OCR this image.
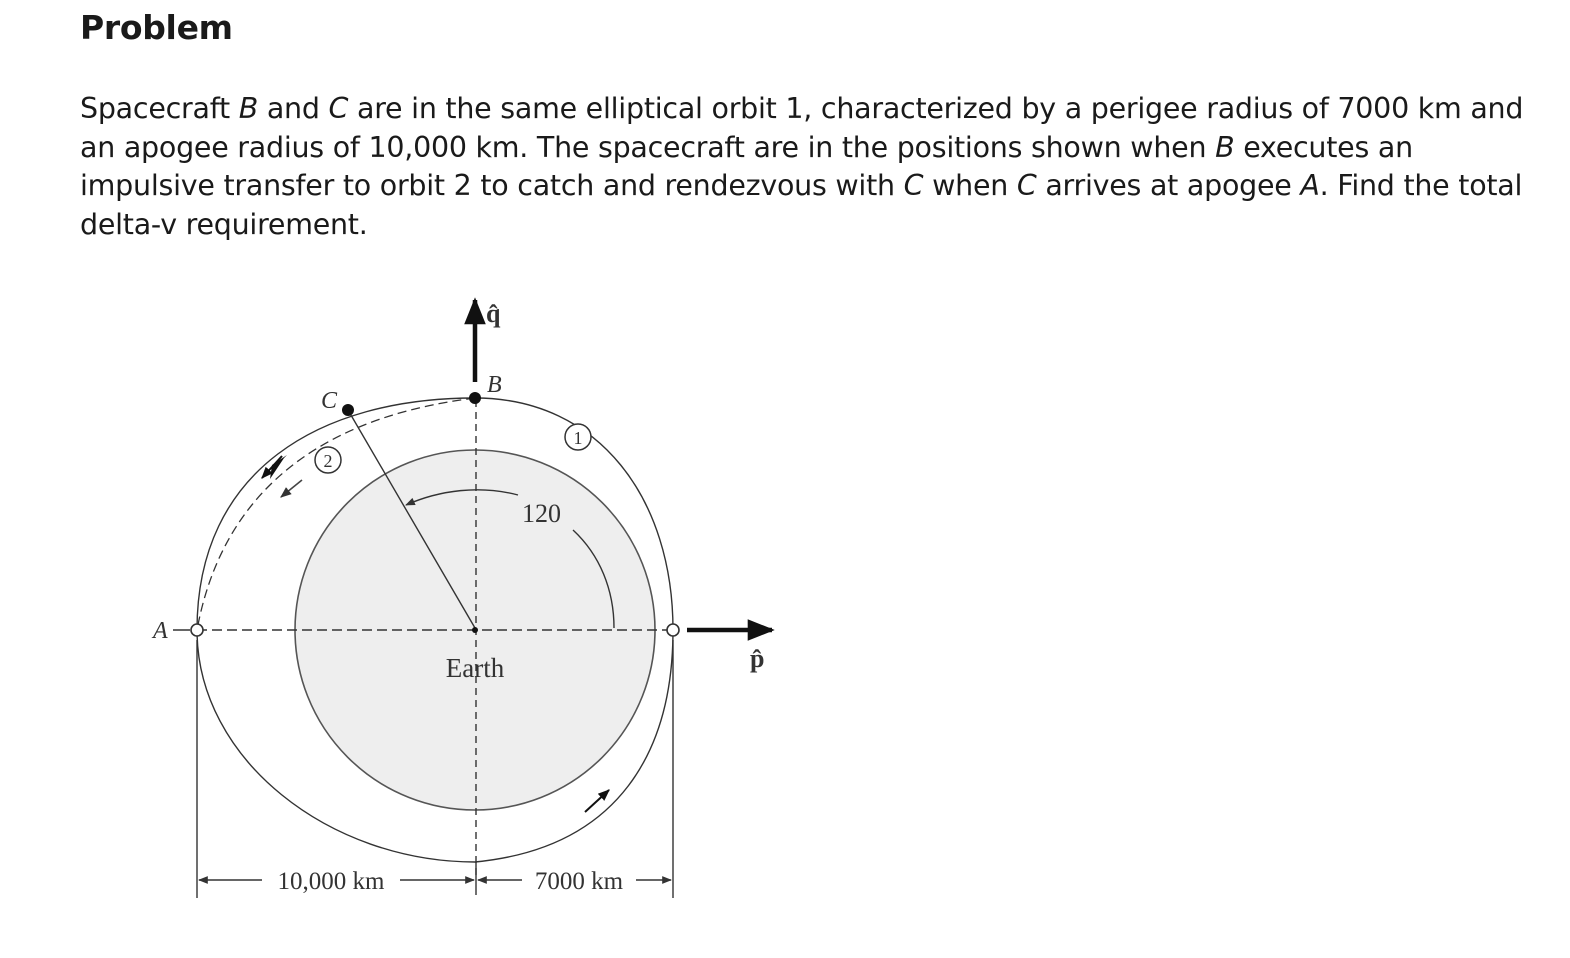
Problem

Spacecraft B and C are in the same elliptical orbit 1, characterized by a perigee radius of 7000 km and an apogee radius of 10,000 km. The spacecraft are in the positions shown when B executes an impulsive transfer to orbit 2 to catch and rendezvous with C when C arrives at apogee A. Find the total delta-v requirement.

q̂
p̂
B
C
A
1
2
120
Earth
10,000 km	7000 km
